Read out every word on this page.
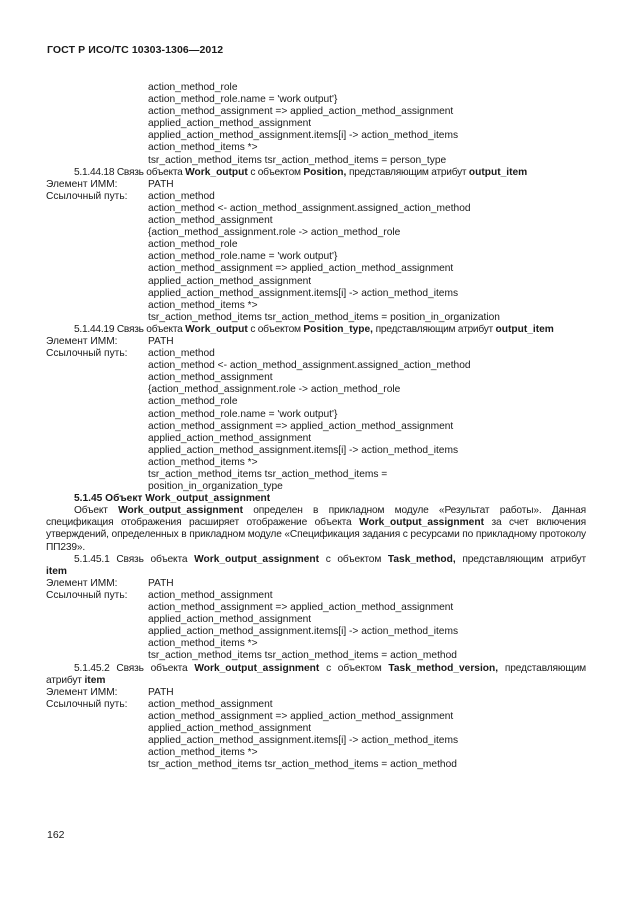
ГОСТ Р ИСО/ТС 10303-1306—2012
action_method_role
action_method_role.name = 'work output'}
action_method_assignment => applied_action_method_assignment
applied_action_method_assignment
applied_action_method_assignment.items[i] -> action_method_items
action_method_items *>
tsr_action_method_items tsr_action_method_items = person_type
5.1.44.18 Связь объекта Work_output с объектом Position, представляющим атрибут output_item
Элемент ИММ:	PATH
Ссылочный путь:	action_method
action_method <- action_method_assignment.assigned_action_method
action_method_assignment
{action_method_assignment.role -> action_method_role
action_method_role
action_method_role.name = 'work output'}
action_method_assignment => applied_action_method_assignment
applied_action_method_assignment
applied_action_method_assignment.items[i] -> action_method_items
action_method_items *>
tsr_action_method_items tsr_action_method_items = position_in_organization
5.1.44.19 Связь объекта Work_output с объектом Position_type, представляющим атрибут output_item
Элемент ИММ:	PATH
Ссылочный путь:	action_method
action_method <- action_method_assignment.assigned_action_method
action_method_assignment
{action_method_assignment.role -> action_method_role
action_method_role
action_method_role.name = 'work output'}
action_method_assignment => applied_action_method_assignment
applied_action_method_assignment
applied_action_method_assignment.items[i] -> action_method_items
action_method_items *>
tsr_action_method_items tsr_action_method_items =
position_in_organization_type
5.1.45 Объект Work_output_assignment
Объект Work_output_assignment определен в прикладном модуле «Результат работы». Данная спецификация отображения расширяет отображение объекта Work_output_assignment за счет включения утверждений, определенных в прикладном модуле «Спецификация задания с ресурсами по прикладному протоколу ПП239».
5.1.45.1 Связь объекта Work_output_assignment с объектом Task_method, представляющим атрибут item
Элемент ИММ:	PATH
Ссылочный путь:	action_method_assignment
action_method_assignment => applied_action_method_assignment
applied_action_method_assignment
applied_action_method_assignment.items[i] -> action_method_items
action_method_items *>
tsr_action_method_items tsr_action_method_items = action_method
5.1.45.2 Связь объекта Work_output_assignment с объектом Task_method_version, представляющим атрибут item
Элемент ИММ:	PATH
Ссылочный путь:	action_method_assignment
action_method_assignment => applied_action_method_assignment
applied_action_method_assignment
applied_action_method_assignment.items[i] -> action_method_items
action_method_items *>
tsr_action_method_items tsr_action_method_items = action_method
162
